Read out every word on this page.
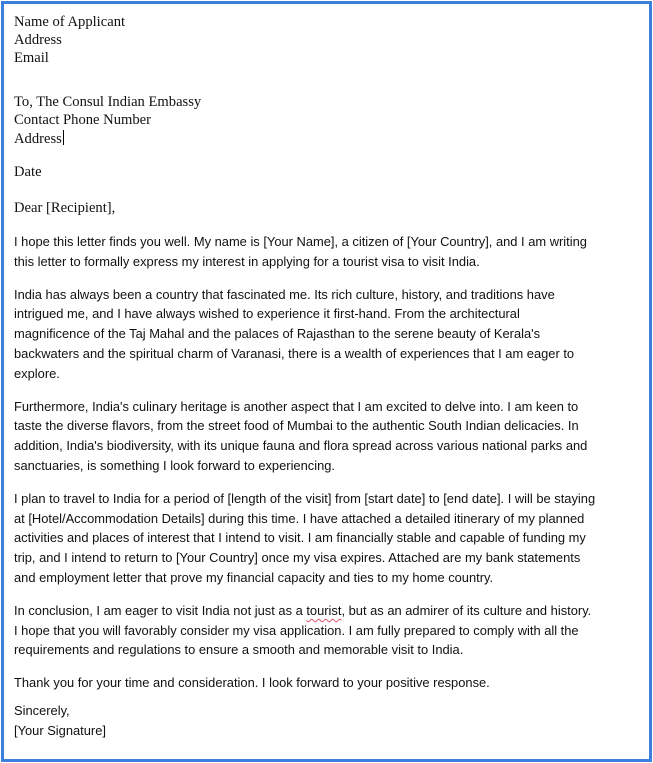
Name of Applicant
Address
Email
To, The Consul Indian Embassy
Contact Phone Number
Address
Date
Dear [Recipient],

I hope this letter finds you well. My name is [Your Name], a citizen of [Your Country], and I am writing this letter to formally express my interest in applying for a tourist visa to visit India.

India has always been a country that fascinated me. Its rich culture, history, and traditions have intrigued me, and I have always wished to experience it first-hand. From the architectural magnificence of the Taj Mahal and the palaces of Rajasthan to the serene beauty of Kerala's backwaters and the spiritual charm of Varanasi, there is a wealth of experiences that I am eager to explore.

Furthermore, India's culinary heritage is another aspect that I am excited to delve into. I am keen to taste the diverse flavors, from the street food of Mumbai to the authentic South Indian delicacies. In addition, India's biodiversity, with its unique fauna and flora spread across various national parks and sanctuaries, is something I look forward to experiencing.

I plan to travel to India for a period of [length of the visit] from [start date] to [end date]. I will be staying at [Hotel/Accommodation Details] during this time. I have attached a detailed itinerary of my planned activities and places of interest that I intend to visit. I am financially stable and capable of funding my trip, and I intend to return to [Your Country] once my visa expires. Attached are my bank statements and employment letter that prove my financial capacity and ties to my home country.

In conclusion, I am eager to visit India not just as a tourist, but as an admirer of its culture and history. I hope that you will favorably consider my visa application. I am fully prepared to comply with all the requirements and regulations to ensure a smooth and memorable visit to India.

Thank you for your time and consideration. I look forward to your positive response.

Sincerely,
[Your Signature]
